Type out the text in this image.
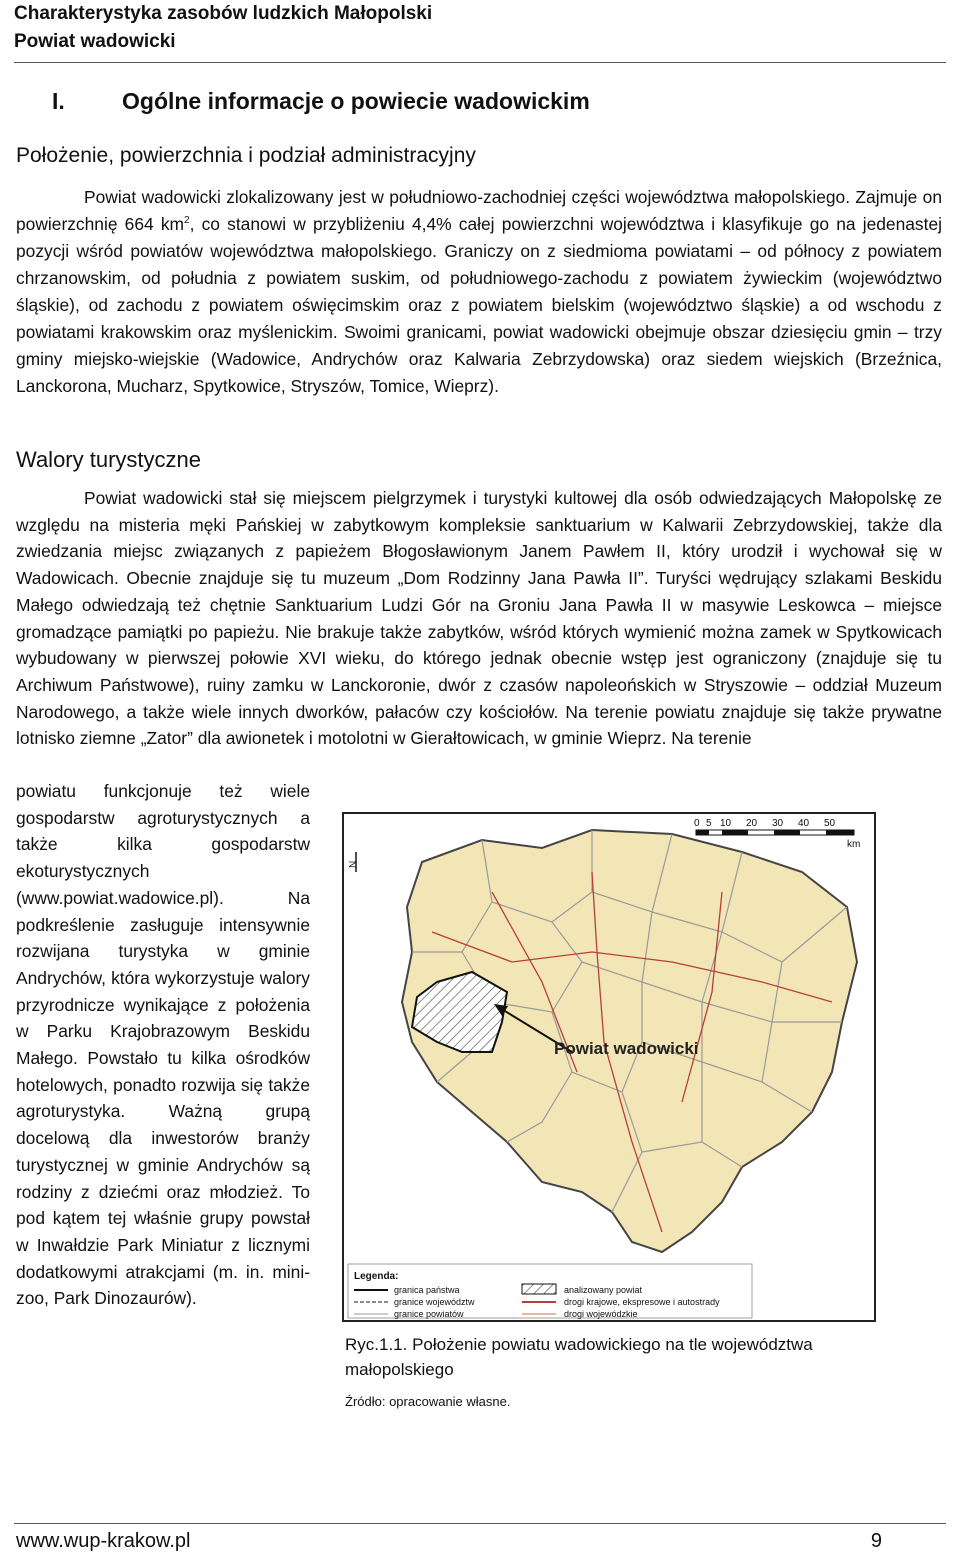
Charakterystyka zasobów ludzkich Małopolski
Powiat wadowicki
I. Ogólne informacje o powiecie wadowickim
Położenie, powierzchnia i podział administracyjny

Powiat wadowicki zlokalizowany jest w południowo-zachodniej części województwa małopolskiego. Zajmuje on powierzchnię 664 $km^2$, co stanowi w przybliżeniu 4,4% całej powierzchni województwa i klasyfikuje go na jedenastej pozycji wśród powiatów województwa małopolskiego. Graniczy on z siedmioma powiatami – od północy z powiatem chrzanowskim, od południa z powiatem suskim, od południowego-zachodu z powiatem żywieckim (województwo śląskie), od zachodu z powiatem oświęcimskim oraz z powiatem bielskim (województwo śląskie) a od wschodu z powiatami krakowskim oraz myślenickim. Swoimi granicami, powiat wadowicki obejmuje obszar dziesięciu gmin – trzy gminy miejsko-wiejskie (Wadowice, Andrychów oraz Kalwaria Zebrzydowska) oraz siedem wiejskich (Brzeźnica, Lanckorona, Mucharz, Spytkowice, Stryszów, Tomice, Wieprz).

Walory turystyczne

Powiat wadowicki stał się miejscem pielgrzymek i turystyki kultowej dla osób odwiedzających Małopolskę ze względu na misteria męki Pańskiej w zabytkowym kompleksie sanktuarium w Kalwarii Zebrzydowskiej, także dla zwiedzania miejsc związanych z papieżem Błogosławionym Janem Pawłem II, który urodził i wychował się w Wadowicach. Obecnie znajduje się tu muzeum „Dom Rodzinny Jana Pawła II”. Turyści wędrujący szlakami Beskidu Małego odwiedzają też chętnie Sanktuarium Ludzi Gór na Groniu Jana Pawła II w masywie Leskowca – miejsce gromadzące pamiątki po papieżu. Nie brakuje także zabytków, wśród których wymienić można zamek w Spytkowicach wybudowany w pierwszej połowie XVI wieku, do którego jednak obecnie wstęp jest ograniczony (znajduje się tu Archiwum Państwowe), ruiny zamku w Lanckoronie, dwór z czasów napoleońskich w Stryszowie – oddział Muzeum Narodowego, a także wiele innych dworków, pałaców czy kościołów. Na terenie powiatu znajduje się także prywatne lotnisko ziemne „Zator” dla awionetek i motolotni w Gierałtowicach, w gminie Wieprz. Na terenie

powiatu funkcjonuje też wiele gospodarstw agroturystycznych a także kilka gospodarstw ekoturystycznych (www.powiat.wadowice.pl). Na podkreślenie zasługuje intensywnie rozwijana turystyka w gminie Andrychów, która wykorzystuje walory przyrodnicze wynikające z położenia w Parku Krajobrazowym Beskidu Małego. Powstało tu kilka ośrodków hotelowych, ponadto rozwija się także agroturystyka. Ważną grupą docelową dla inwestorów branży turystycznej w gminie Andrychów są rodziny z dziećmi oraz młodzież. To pod kątem tej właśnie grupy powstał w Inwałdzie Park Miniatur z licznymi dodatkowymi atrakcjami (m. in. mini-zoo, Park Dinozaurów).

Powiat wadowicki
N
0 5 10 20 30 40 50
km
Legenda:
granica państwa
granice województw
granice powiatów
analizowany powiat
drogi krajowe, ekspresowe i autostrady
drogi wojewódzkie
Ryc.1.1. Położenie powiatu wadowickiego na tle województwa małopolskiego
Źródło: opracowanie własne.
www.wup-krakow.pl	9
